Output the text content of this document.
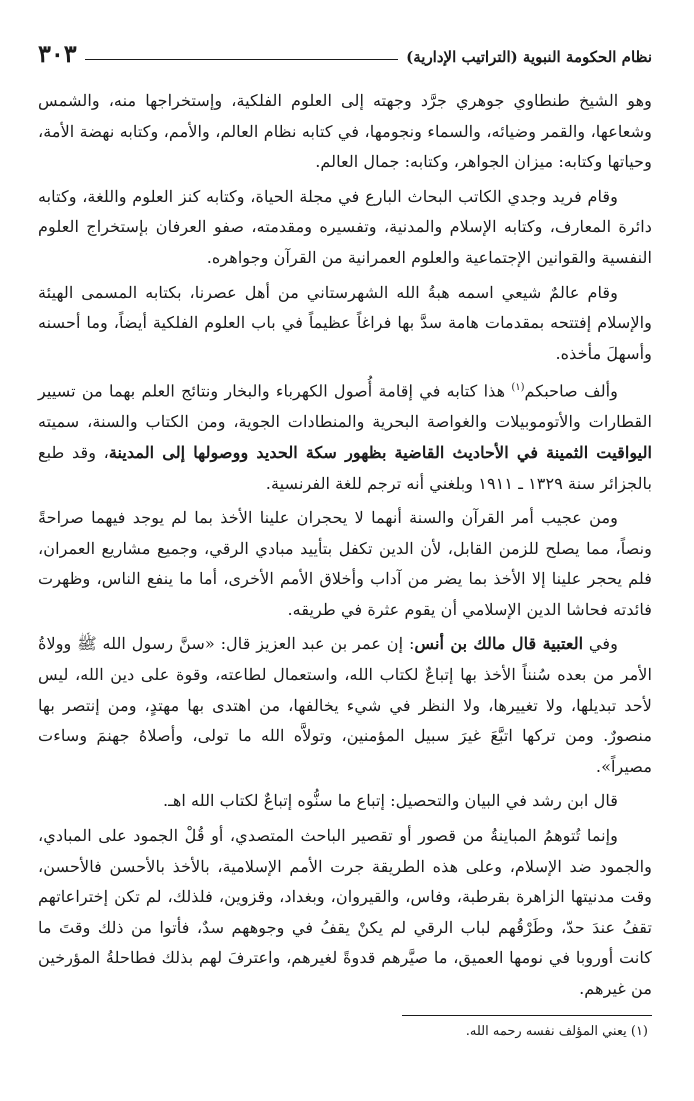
نظام الحكومة النبوية (التراتيب الإدارية)
٣٠٣

وهو الشيخ طنطاوي جوهري جرَّد وجهته إلى العلوم الفلكية، وإستخراجها منه، والشمس وشعاعها، والقمر وضيائه، والسماء ونجومها، في كتابه نظام العالم، والأمم، وكتابه نهضة الأمة، وحياتها وكتابه: ميزان الجواهر، وكتابه: جمال العالم.

وقام فريد وجدي الكاتب البحاث البارع في مجلة الحياة، وكتابه كنز العلوم واللغة، وكتابه دائرة المعارف، وكتابه الإسلام والمدنية، وتفسيره ومقدمته، صفو العرفان بإستخراج العلوم النفسية والقوانين الإجتماعية والعلوم العمرانية من القرآن وجواهره.

وقام عالمٌ شيعي اسمه هبةُ الله الشهرستاني من أهل عصرنا، بكتابه المسمى الهيئة والإسلام إفتتحه بمقدمات هامة سدَّ بها فراغاً عظيماً في باب العلوم الفلكية أيضاً، وما أحسنه وأسهلَ مأخذه.

وألف صاحبكم$^{(١)}$ هذا كتابه في إقامة أُصول الكهرباء والبخار ونتائج العلم بهما من تسيير القطارات والأتوموبيلات والغواصة البحرية والمنطادات الجوية، ومن الكتاب والسنة، سميته اليواقيت الثمينة في الأحاديث القاضية بظهور سكة الحديد ووصولها إلى المدينة، وقد طبع بالجزائر سنة ١٣٢٩ ـ ١٩١١ وبلغني أنه ترجم للغة الفرنسية.

ومن عجيب أمر القرآن والسنة أنهما لا يحجران علينا الأخذ بما لم يوجد فيهما صراحةً ونصاً، مما يصلح للزمن القابل، لأن الدين تكفل بتأييد مبادي الرقي، وجميع مشاريع العمران، فلم يحجر علينا إلا الأخذ بما يضر من آداب وأخلاق الأمم الأخرى، أما ما ينفع الناس، وظهرت فائدته فحاشا الدين الإسلامي أن يقوم عثرة في طريقه.

وفي العتبية قال مالك بن أنس: إن عمر بن عبد العزيز قال: «سنَّ رسول الله ﷺ وولاةُ الأمر من بعده سُنناً الأخذ بها إتباعٌ لكتاب الله، واستعمال لطاعته، وقوة على دين الله، ليس لأحد تبديلها، ولا تغييرها، ولا النظر في شيء يخالفها، من اهتدى بها مهتدٍ، ومن إنتصر بها منصورٌ. ومن تركها اتبَّعَ غيرَ سبيل المؤمنين، وتولاَّه الله ما تولى، وأصلاهُ جهنمَ وساءت مصيراً».

قال ابن رشد في البيان والتحصيل: إتباع ما سنُّوه إتباعٌ لكتاب الله اهـ.

وإنما تُتوهمُ المباينةُ من قصور أو تقصير الباحث المتصدي، أو قُلْ الجمود على المبادي، والجمود ضد الإسلام، وعلى هذه الطريقة جرت الأمم الإسلامية، بالأخذ بالأحسن فالأحسن، وقت مدنيتها الزاهرة بقرطبة، وفاس، والقيروان، وبغداد، وقزوين، فلذلك، لم تكن إختراعاتهم تقفُ عندَ حدّ، وطَرْقُهم لباب الرقي لم يكنْ يقفُ في وجوههم سدٌ، فأتوا من ذلك وقتَ ما كانت أوروبا في نومها العميق، ما صيَّرهم قدوةً لغيرهم، واعترفَ لهم بذلك فطاحلةُ المؤرخين من غيرهم.

(١) يعني المؤلف نفسه رحمه الله.
